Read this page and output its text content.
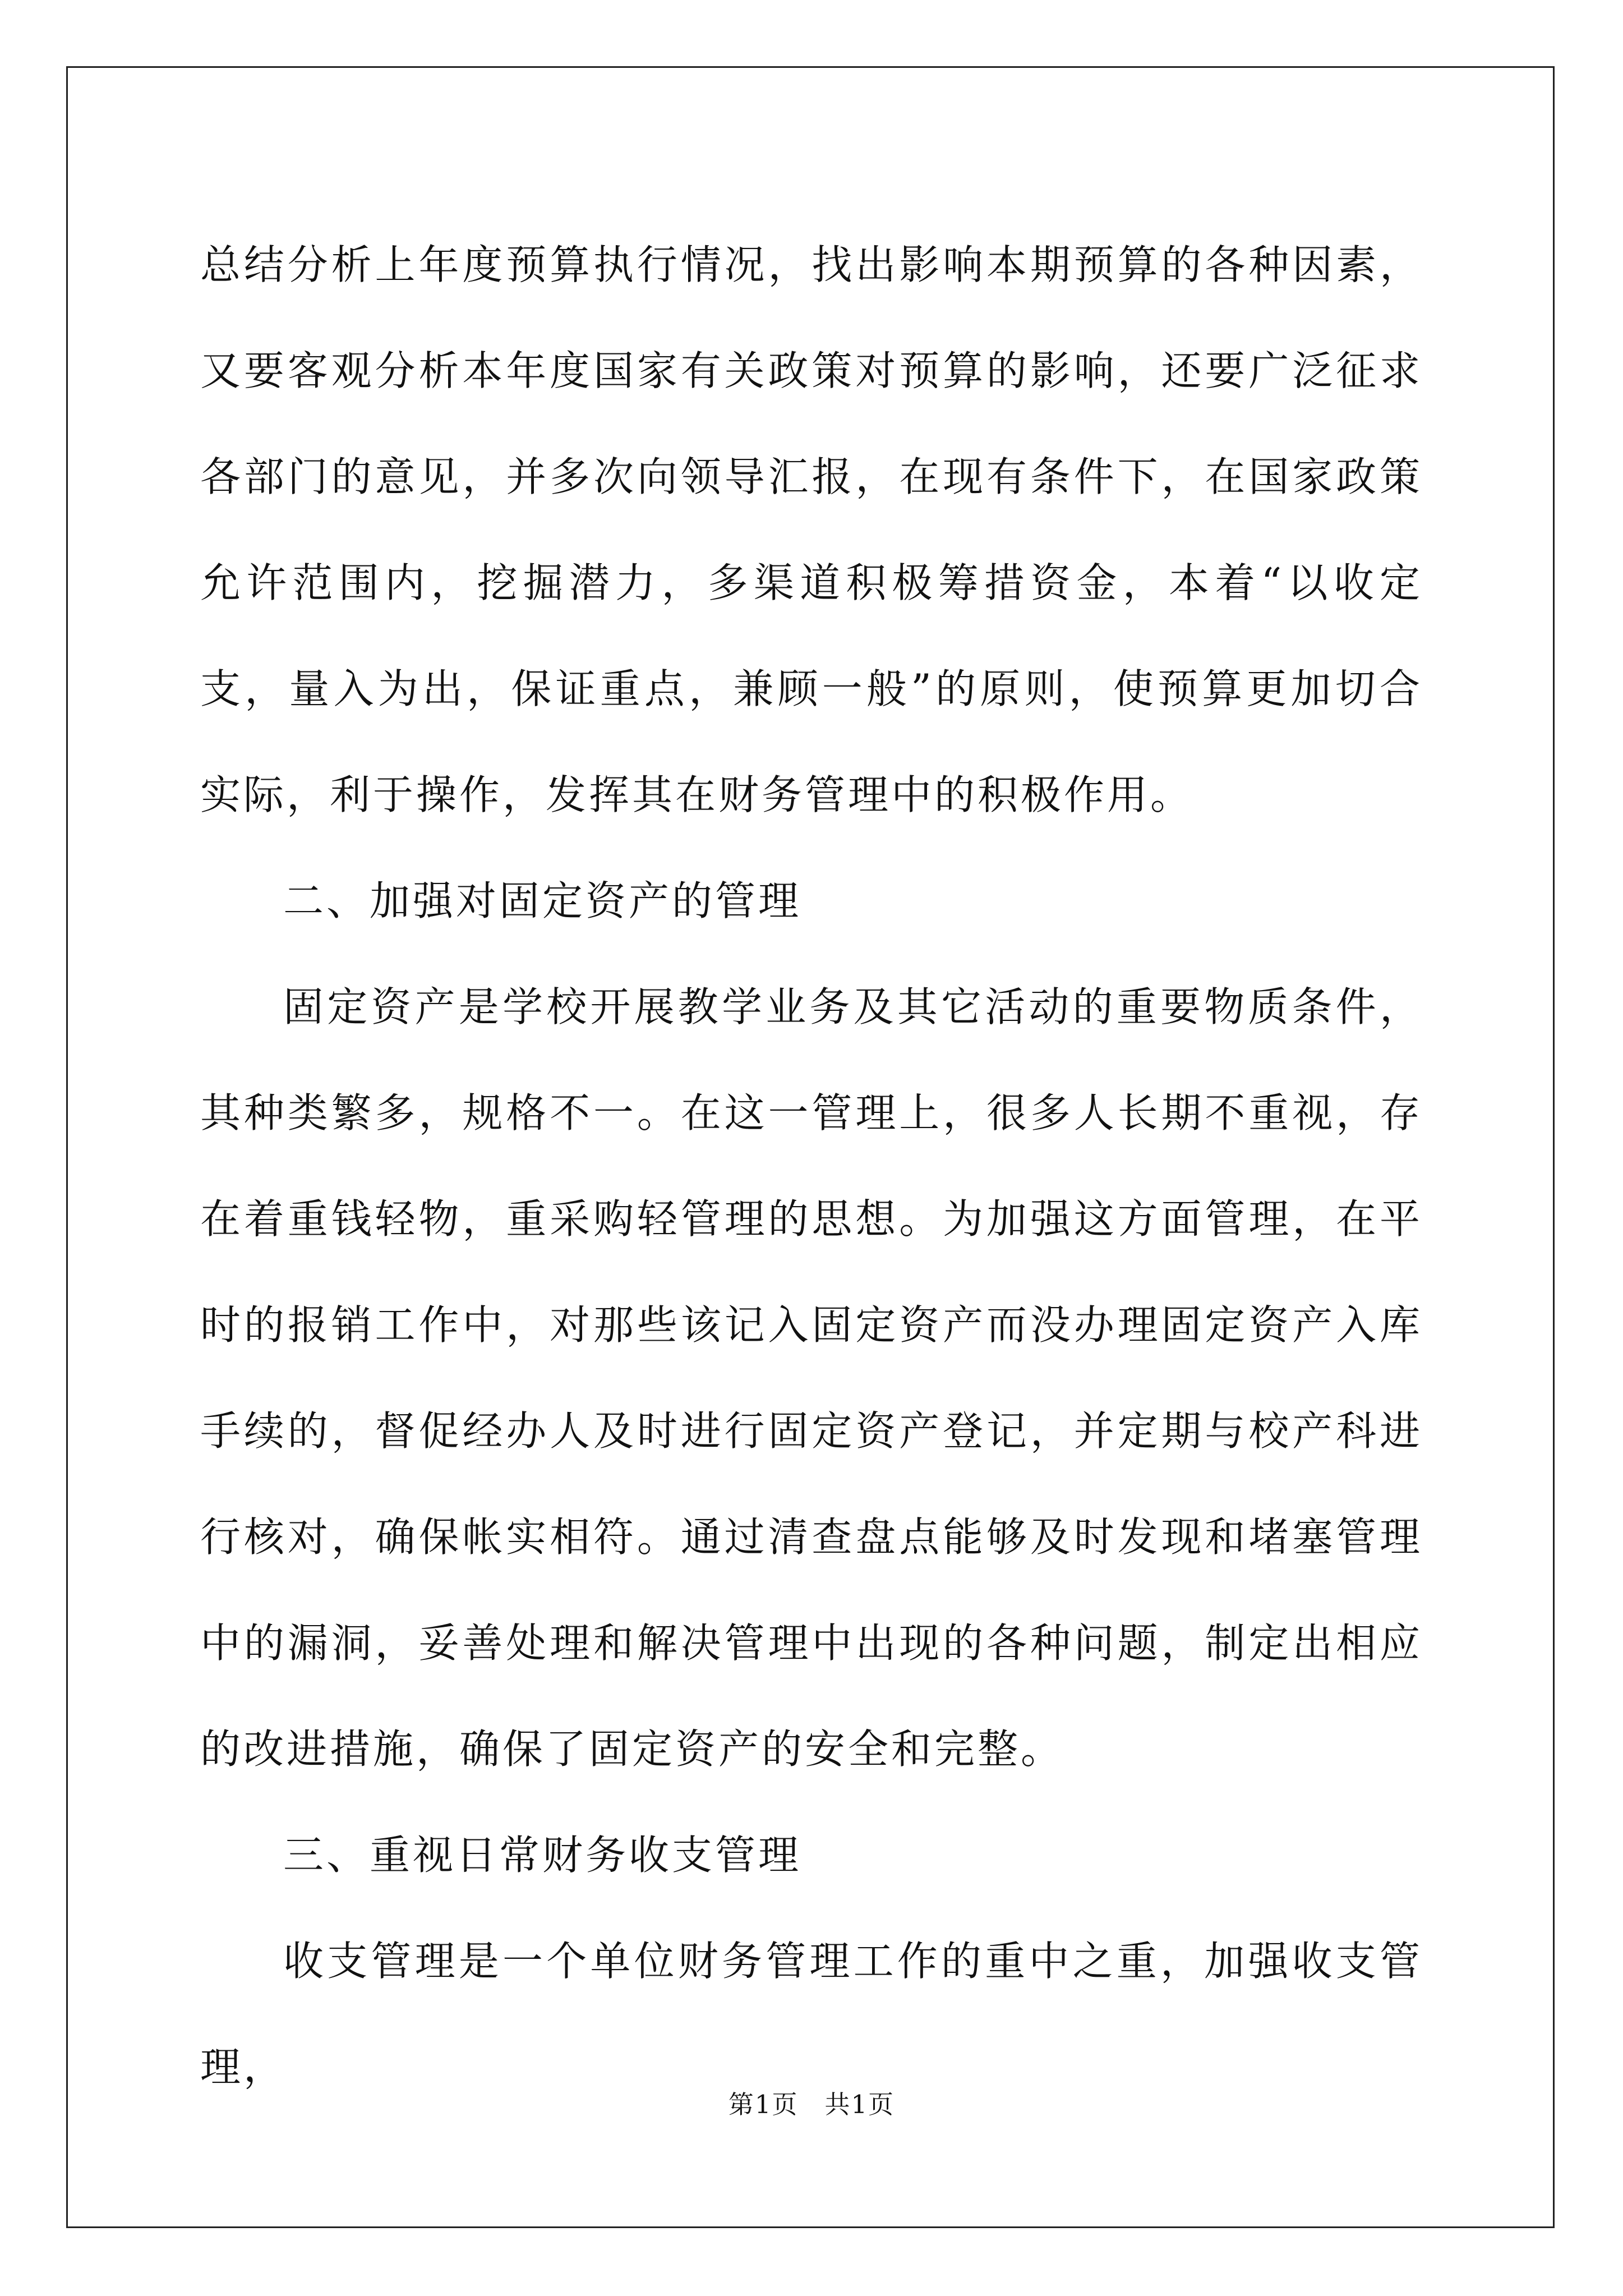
总结分析上年度预算执行情况，找出影响本期预算的各种因素，又要客观分析本年度国家有关政策对预算的影响，还要广泛征求各部门的意见，并多次向领导汇报，在现有条件下，在国家政策允许范围内，挖掘潜力，多渠道积极筹措资金，本着“以收定支，量入为出，保证重点，兼顾一般”的原则，使预算更加切合实际，利于操作，发挥其在财务管理中的积极作用。

二、加强对固定资产的管理

固定资产是学校开展教学业务及其它活动的重要物质条件，其种类繁多，规格不一。在这一管理上，很多人长期不重视，存在着重钱轻物，重采购轻管理的思想。为加强这方面管理，在平时的报销工作中，对那些该记入固定资产而没办理固定资产入库手续的，督促经办人及时进行固定资产登记，并定期与校产科进行核对，确保帐实相符。通过清查盘点能够及时发现和堵塞管理中的漏洞，妥善处理和解决管理中出现的各种问题，制定出相应的改进措施，确保了固定资产的安全和完整。

三、重视日常财务收支管理

收支管理是一个单位财务管理工作的重中之重，加强收支管理，

第1页　共1页
